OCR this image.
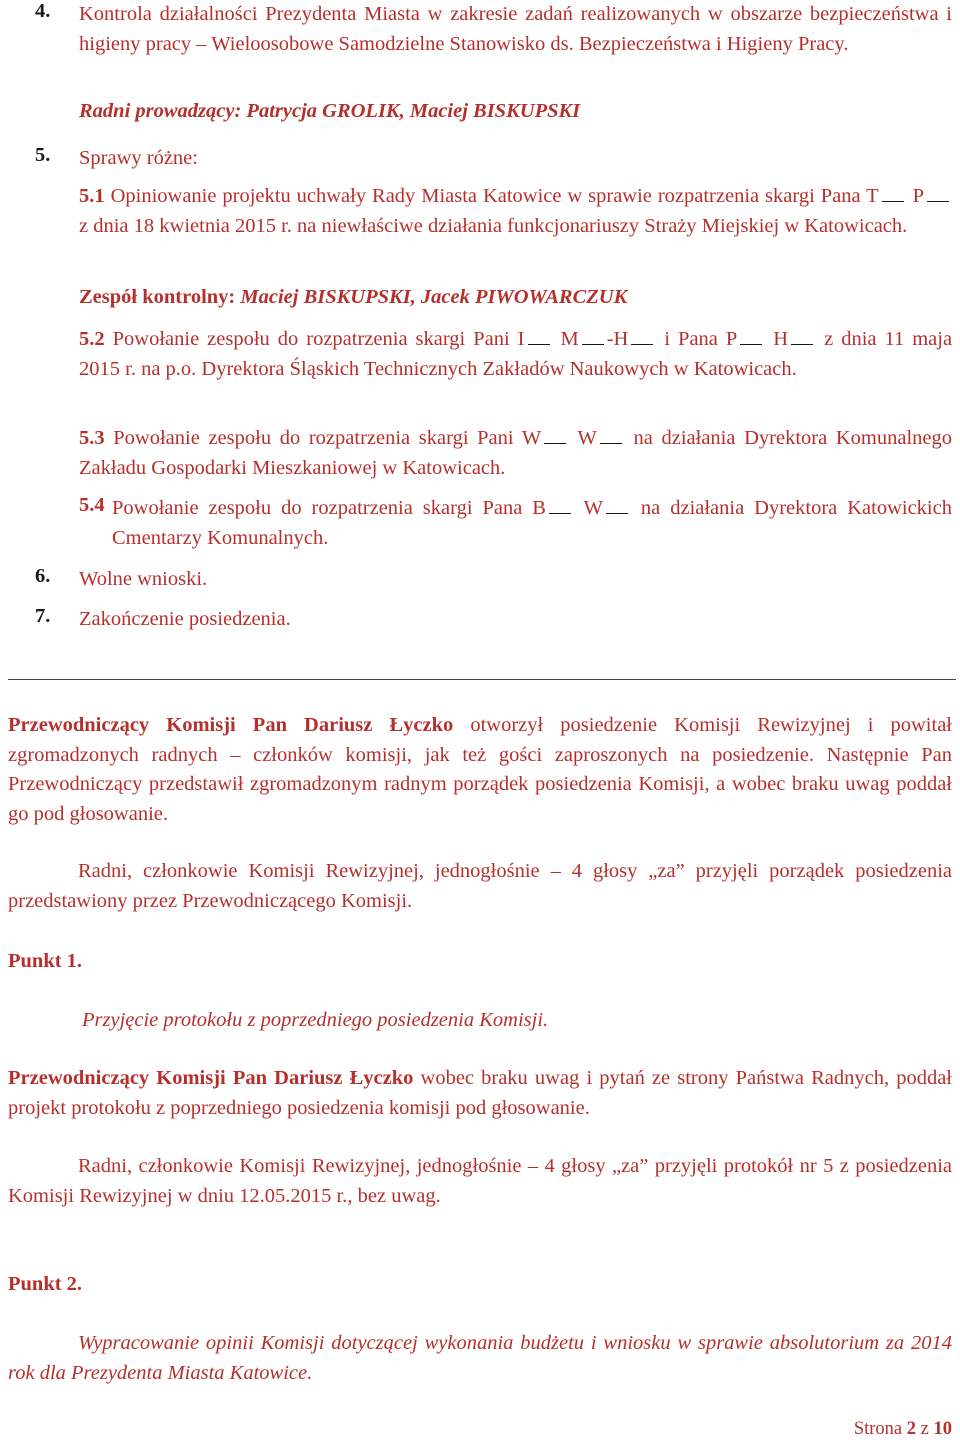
4. Kontrola działalności Prezydenta Miasta w zakresie zadań realizowanych w obszarze bezpieczeństwa i higieny pracy – Wieloosobowe Samodzielne Stanowisko ds. Bezpieczeństwa i Higieny Pracy.
Radni prowadzący: Patrycja GROLIK, Maciej BISKUPSKI
5. Sprawy różne:
5.1 Opiniowanie projektu uchwały Rady Miasta Katowice w sprawie rozpatrzenia skargi Pana T P z dnia 18 kwietnia 2015 r. na niewłaściwe działania funkcjonariuszy Straży Miejskiej w Katowicach.
Zespół kontrolny: Maciej BISKUPSKI, Jacek PIWOWARCZUK
5.2 Powołanie zespołu do rozpatrzenia skargi Pani I M -H i Pana P H z dnia 11 maja 2015 r. na p.o. Dyrektora Śląskich Technicznych Zakładów Naukowych w Katowicach.
5.3 Powołanie zespołu do rozpatrzenia skargi Pani W W na działania Dyrektora Komunalnego Zakładu Gospodarki Mieszkaniowej w Katowicach.
5.4 Powołanie zespołu do rozpatrzenia skargi Pana B W na działania Dyrektora Katowickich Cmentarzy Komunalnych.
6. Wolne wnioski.
7. Zakończenie posiedzenia.

Przewodniczący Komisji Pan Dariusz Łyczko otworzył posiedzenie Komisji Rewizyjnej i powitał zgromadzonych radnych – członków komisji, jak też gości zaproszonych na posiedzenie. Następnie Pan Przewodniczący przedstawił zgromadzonym radnym porządek posiedzenia Komisji, a wobec braku uwag poddał go pod głosowanie.

Radni, członkowie Komisji Rewizyjnej, jednogłośnie – 4 głosy „za” przyjęli porządek posiedzenia przedstawiony przez Przewodniczącego Komisji.

Punkt 1.
Przyjęcie protokołu z poprzedniego posiedzenia Komisji.

Przewodniczący Komisji Pan Dariusz Łyczko wobec braku uwag i pytań ze strony Państwa Radnych, poddał projekt protokołu z poprzedniego posiedzenia komisji pod głosowanie.

Radni, członkowie Komisji Rewizyjnej, jednogłośnie – 4 głosy „za” przyjęli protokół nr 5 z posiedzenia Komisji Rewizyjnej w dniu 12.05.2015 r., bez uwag.

Punkt 2.

Wypracowanie opinii Komisji dotyczącej wykonania budżetu i wniosku w sprawie absolutorium za 2014 rok dla Prezydenta Miasta Katowice.

Strona 2 z 10
